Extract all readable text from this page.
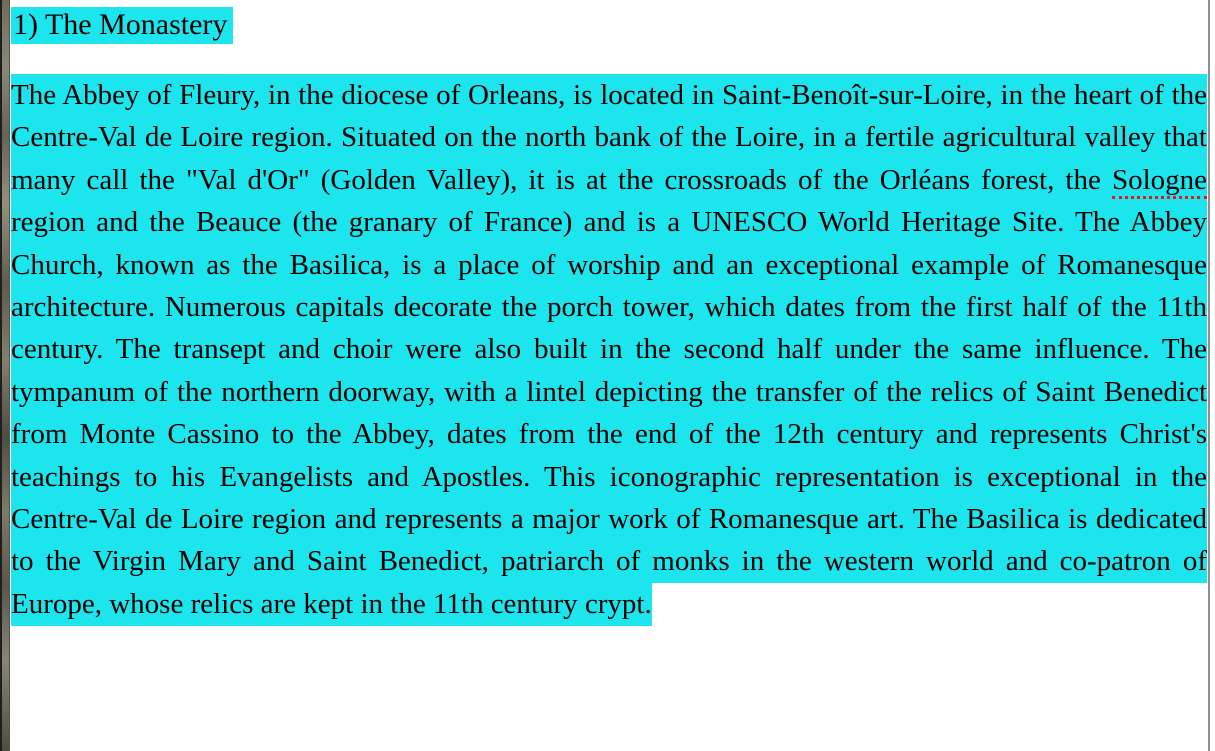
1) The Monastery

The Abbey of Fleury, in the diocese of Orleans, is located in Saint-Benoît-sur-Loire, in the heart of the Centre-Val de Loire region. Situated on the north bank of the Loire, in a fertile agricultural valley that many call the "Val d'Or" (Golden Valley), it is at the crossroads of the Orléans forest, the Sologne region and the Beauce (the granary of France) and is a UNESCO World Heritage Site. The Abbey Church, known as the Basilica, is a place of worship and an exceptional example of Romanesque architecture. Numerous capitals decorate the porch tower, which dates from the first half of the 11th century. The transept and choir were also built in the second half under the same influence. The tympanum of the northern doorway, with a lintel depicting the transfer of the relics of Saint Benedict from Monte Cassino to the Abbey, dates from the end of the 12th century and represents Christ's teachings to his Evangelists and Apostles. This iconographic representation is exceptional in the Centre-Val de Loire region and represents a major work of Romanesque art. The Basilica is dedicated to the Virgin Mary and Saint Benedict, patriarch of monks in the western world and co-patron of Europe, whose relics are kept in the 11th century crypt.
